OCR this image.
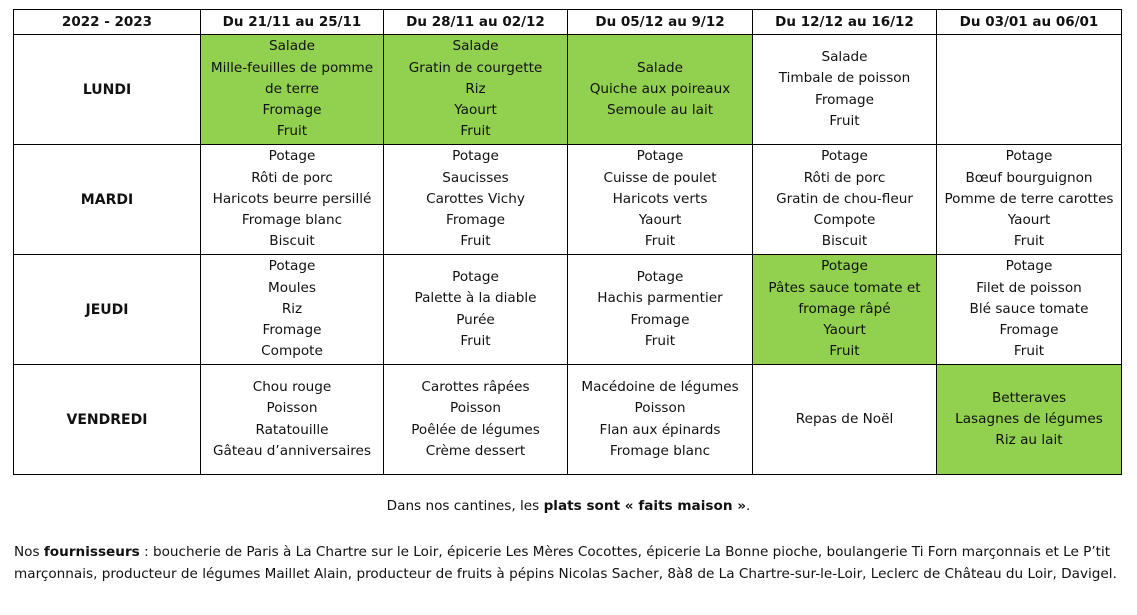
2022 - 2023	Du 21/11 au 25/11	Du 28/11 au 02/12	Du 05/12 au 9/12	Du 12/12 au 16/12	Du 03/01 au 06/01
LUNDI	Salade
Mille-feuilles de pomme de terre
Fromage
Fruit	Salade
Gratin de courgette
Riz
Yaourt
Fruit	Salade
Quiche aux poireaux
Semoule au lait	Salade
Timbale de poisson
Fromage
Fruit	

MARDI	Potage
Rôti de porc
Haricots beurre persillé
Fromage blanc
Biscuit	Potage
Saucisses
Carottes Vichy
Fromage
Fruit	Potage
Cuisse de poulet
Haricots verts
Yaourt
Fruit	Potage
Rôti de porc
Gratin de chou-fleur
Compote
Biscuit	Potage
Bœuf bourguignon
Pomme de terre carottes
Yaourt
Fruit

JEUDI	Potage
Moules
Riz
Fromage
Compote	Potage
Palette à la diable
Purée
Fruit	Potage
Hachis parmentier
Fromage
Fruit	Potage
Pâtes sauce tomate et fromage râpé
Yaourt
Fruit	Potage
Filet de poisson
Blé sauce tomate
Fromage
Fruit

VENDREDI	Chou rouge
Poisson
Ratatouille
Gâteau d’anniversaires	Carottes râpées
Poisson
Poêlée de légumes
Crème dessert	Macédoine de légumes
Poisson
Flan aux épinards
Fromage blanc	Repas de Noël	Betteraves
Lasagnes de légumes
Riz au lait
Dans nos cantines, les plats sont « faits maison ».
Nos fournisseurs : boucherie de Paris à La Chartre sur le Loir, épicerie Les Mères Cocottes, épicerie La Bonne pioche, boulangerie Ti Forn marçonnais et Le P’tit marçonnais, producteur de légumes Maillet Alain, producteur de fruits à pépins Nicolas Sacher, 8à8 de La Chartre-sur-le-Loir, Leclerc de Château du Loir, Davigel.
